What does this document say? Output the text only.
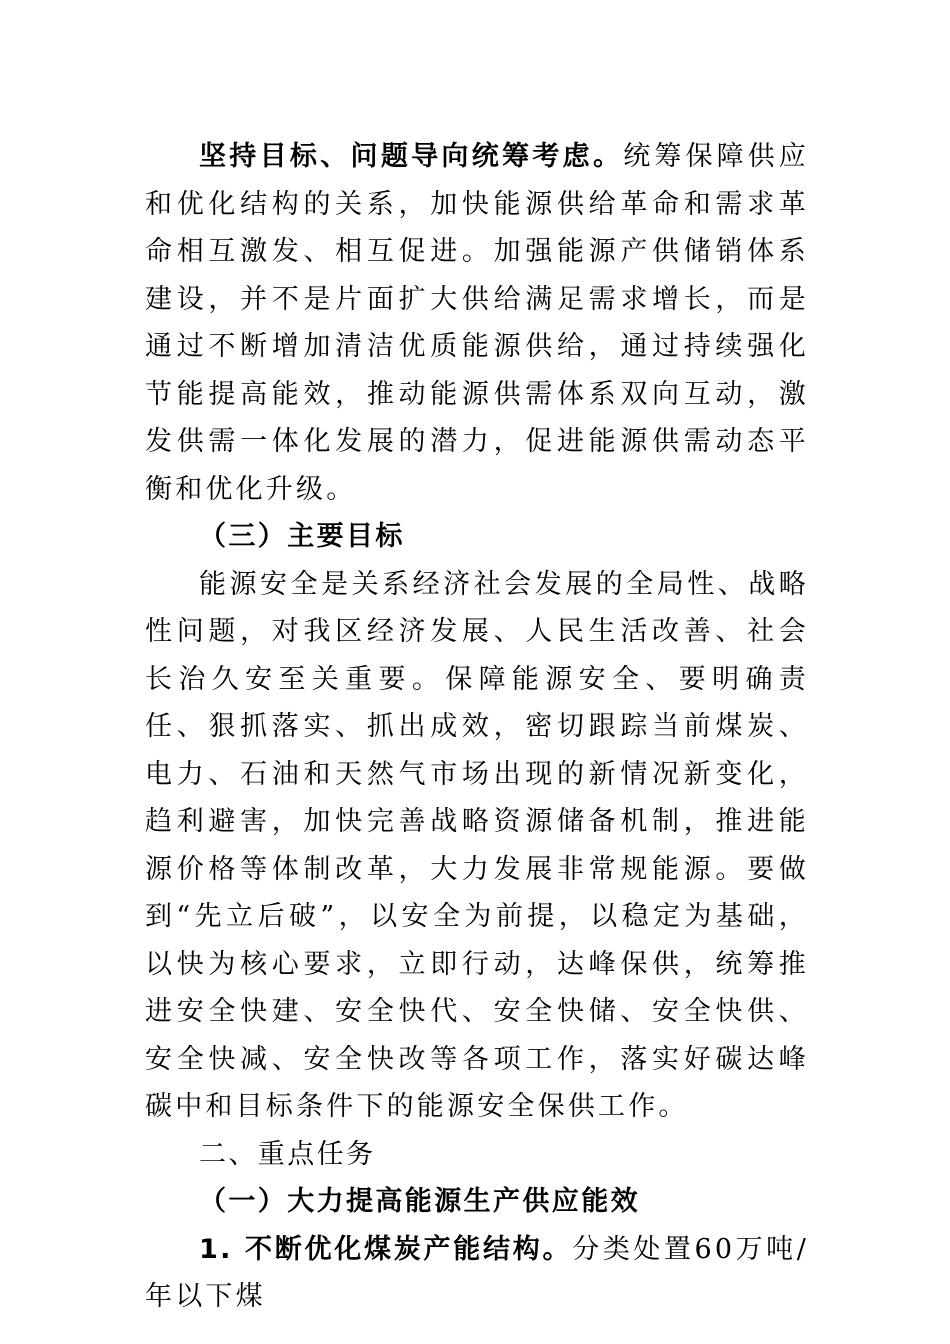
坚持目标、问题导向统筹考虑。统筹保障供应和优化结构的关系，加快能源供给革命和需求革命相互激发、相互促进。加强能源产供储销体系建设，并不是片面扩大供给满足需求增长，而是通过不断增加清洁优质能源供给，通过持续强化节能提高能效，推动能源供需体系双向互动，激发供需一体化发展的潜力，促进能源供需动态平衡和优化升级。

（三）主要目标

能源安全是关系经济社会发展的全局性、战略性问题，对我区经济发展、人民生活改善、社会长治久安至关重要。保障能源安全、要明确责任、狠抓落实、抓出成效，密切跟踪当前煤炭、电力、石油和天然气市场出现的新情况新变化，趋利避害，加快完善战略资源储备机制，推进能源价格等体制改革，大力发展非常规能源。要做到“先立后破”，以安全为前提，以稳定为基础，以快为核心要求，立即行动，达峰保供，统筹推进安全快建、安全快代、安全快储、安全快供、安全快减、安全快改等各项工作，落实好碳达峰碳中和目标条件下的能源安全保供工作。

二、重点任务

（一）大力提高能源生产供应能效

1. 不断优化煤炭产能结构。分类处置60万吨/年以下煤
